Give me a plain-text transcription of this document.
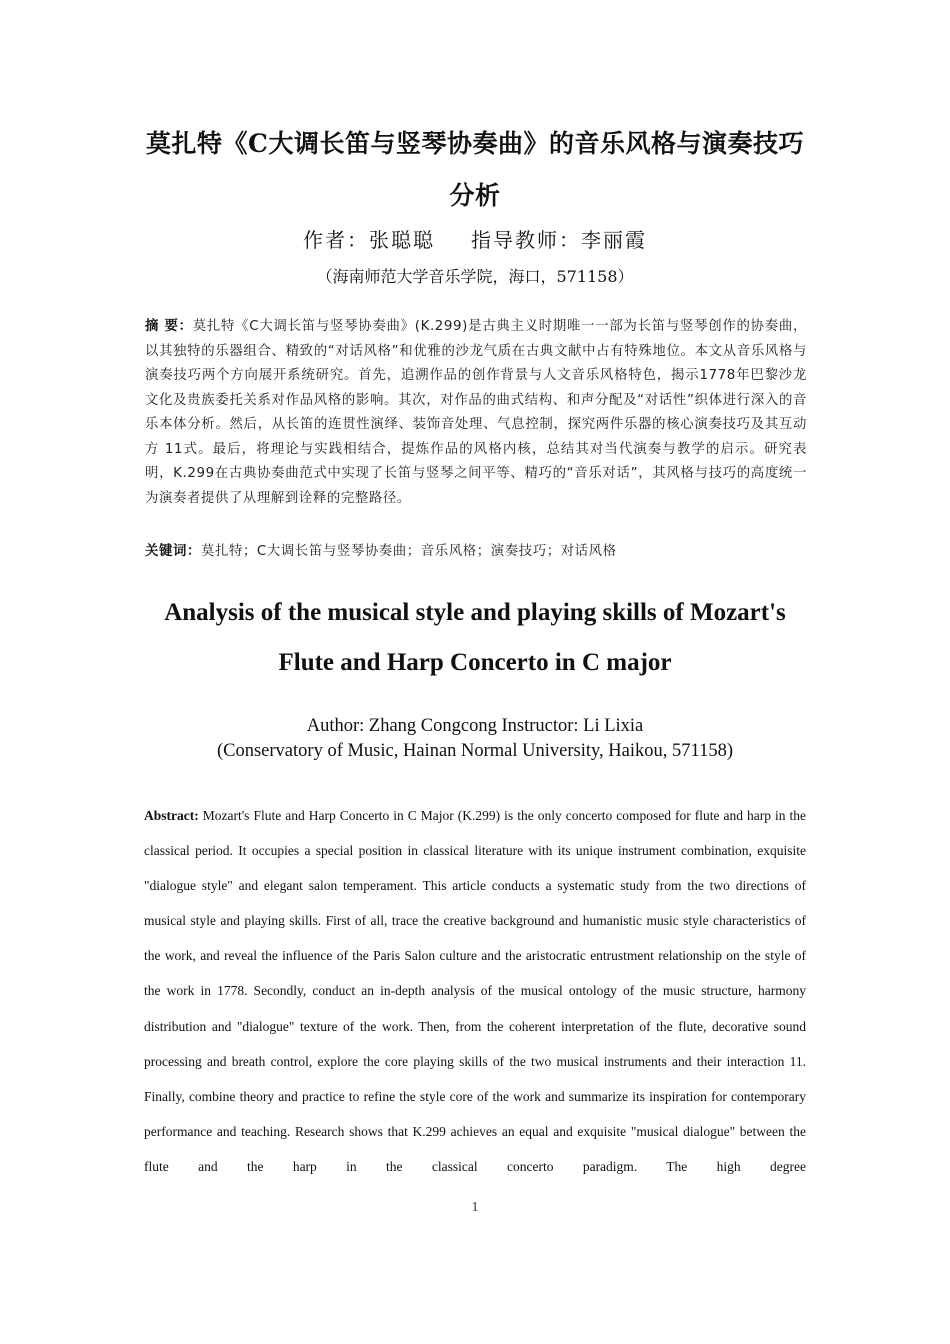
莫扎特《C大调长笛与竖琴协奏曲》的音乐风格与演奏技巧分析
作者：张聪聪 指导教师：李丽霞
（海南师范大学音乐学院，海口，571158）
摘 要：莫扎特《C大调长笛与竖琴协奏曲》(K.299)是古典主义时期唯一一部为长笛与竖琴创作的协奏曲，以其独特的乐器组合、精致的“对话风格”和优雅的沙龙气质在古典文献中占有特殊地位。本文从音乐风格与演奏技巧两个方向展开系统研究。首先，追溯作品的创作背景与人文音乐风格特色，揭示1778年巴黎沙龙文化及贵族委托关系对作品风格的影响。其次，对作品的曲式结构、和声分配及“对话性”织体进行深入的音乐本体分析。然后，从长笛的连贯性演绎、装饰音处理、气息控制，探究两件乐器的核心演奏技巧及其互动方 11式。最后，将理论与实践相结合，提炼作品的风格内核，总结其对当代演奏与教学的启示。研究表明，K.299在古典协奏曲范式中实现了长笛与竖琴之间平等、精巧的“音乐对话”，其风格与技巧的高度统一为演奏者提供了从理解到诠释的完整路径。
关键词：莫扎特；C大调长笛与竖琴协奏曲；音乐风格；演奏技巧；对话风格
Analysis of the musical style and playing skills of Mozart's Flute and Harp Concerto in C major
Author: Zhang Congcong Instructor: Li Lixia
(Conservatory of Music, Hainan Normal University, Haikou, 571158)
Abstract: Mozart's Flute and Harp Concerto in C Major (K.299) is the only concerto composed for flute and harp in the classical period. It occupies a special position in classical literature with its unique instrument combination, exquisite "dialogue style" and elegant salon temperament. This article conducts a systematic study from the two directions of musical style and playing skills. First of all, trace the creative background and humanistic music style characteristics of the work, and reveal the influence of the Paris Salon culture and the aristocratic entrustment relationship on the style of the work in 1778. Secondly, conduct an in-depth analysis of the musical ontology of the music structure, harmony distribution and "dialogue" texture of the work. Then, from the coherent interpretation of the flute, decorative sound processing and breath control, explore the core playing skills of the two musical instruments and their interaction 11. Finally, combine theory and practice to refine the style core of the work and summarize its inspiration for contemporary performance and teaching. Research shows that K.299 achieves an equal and exquisite "musical dialogue" between the flute and the harp in the classical concerto paradigm. The high degree
1
